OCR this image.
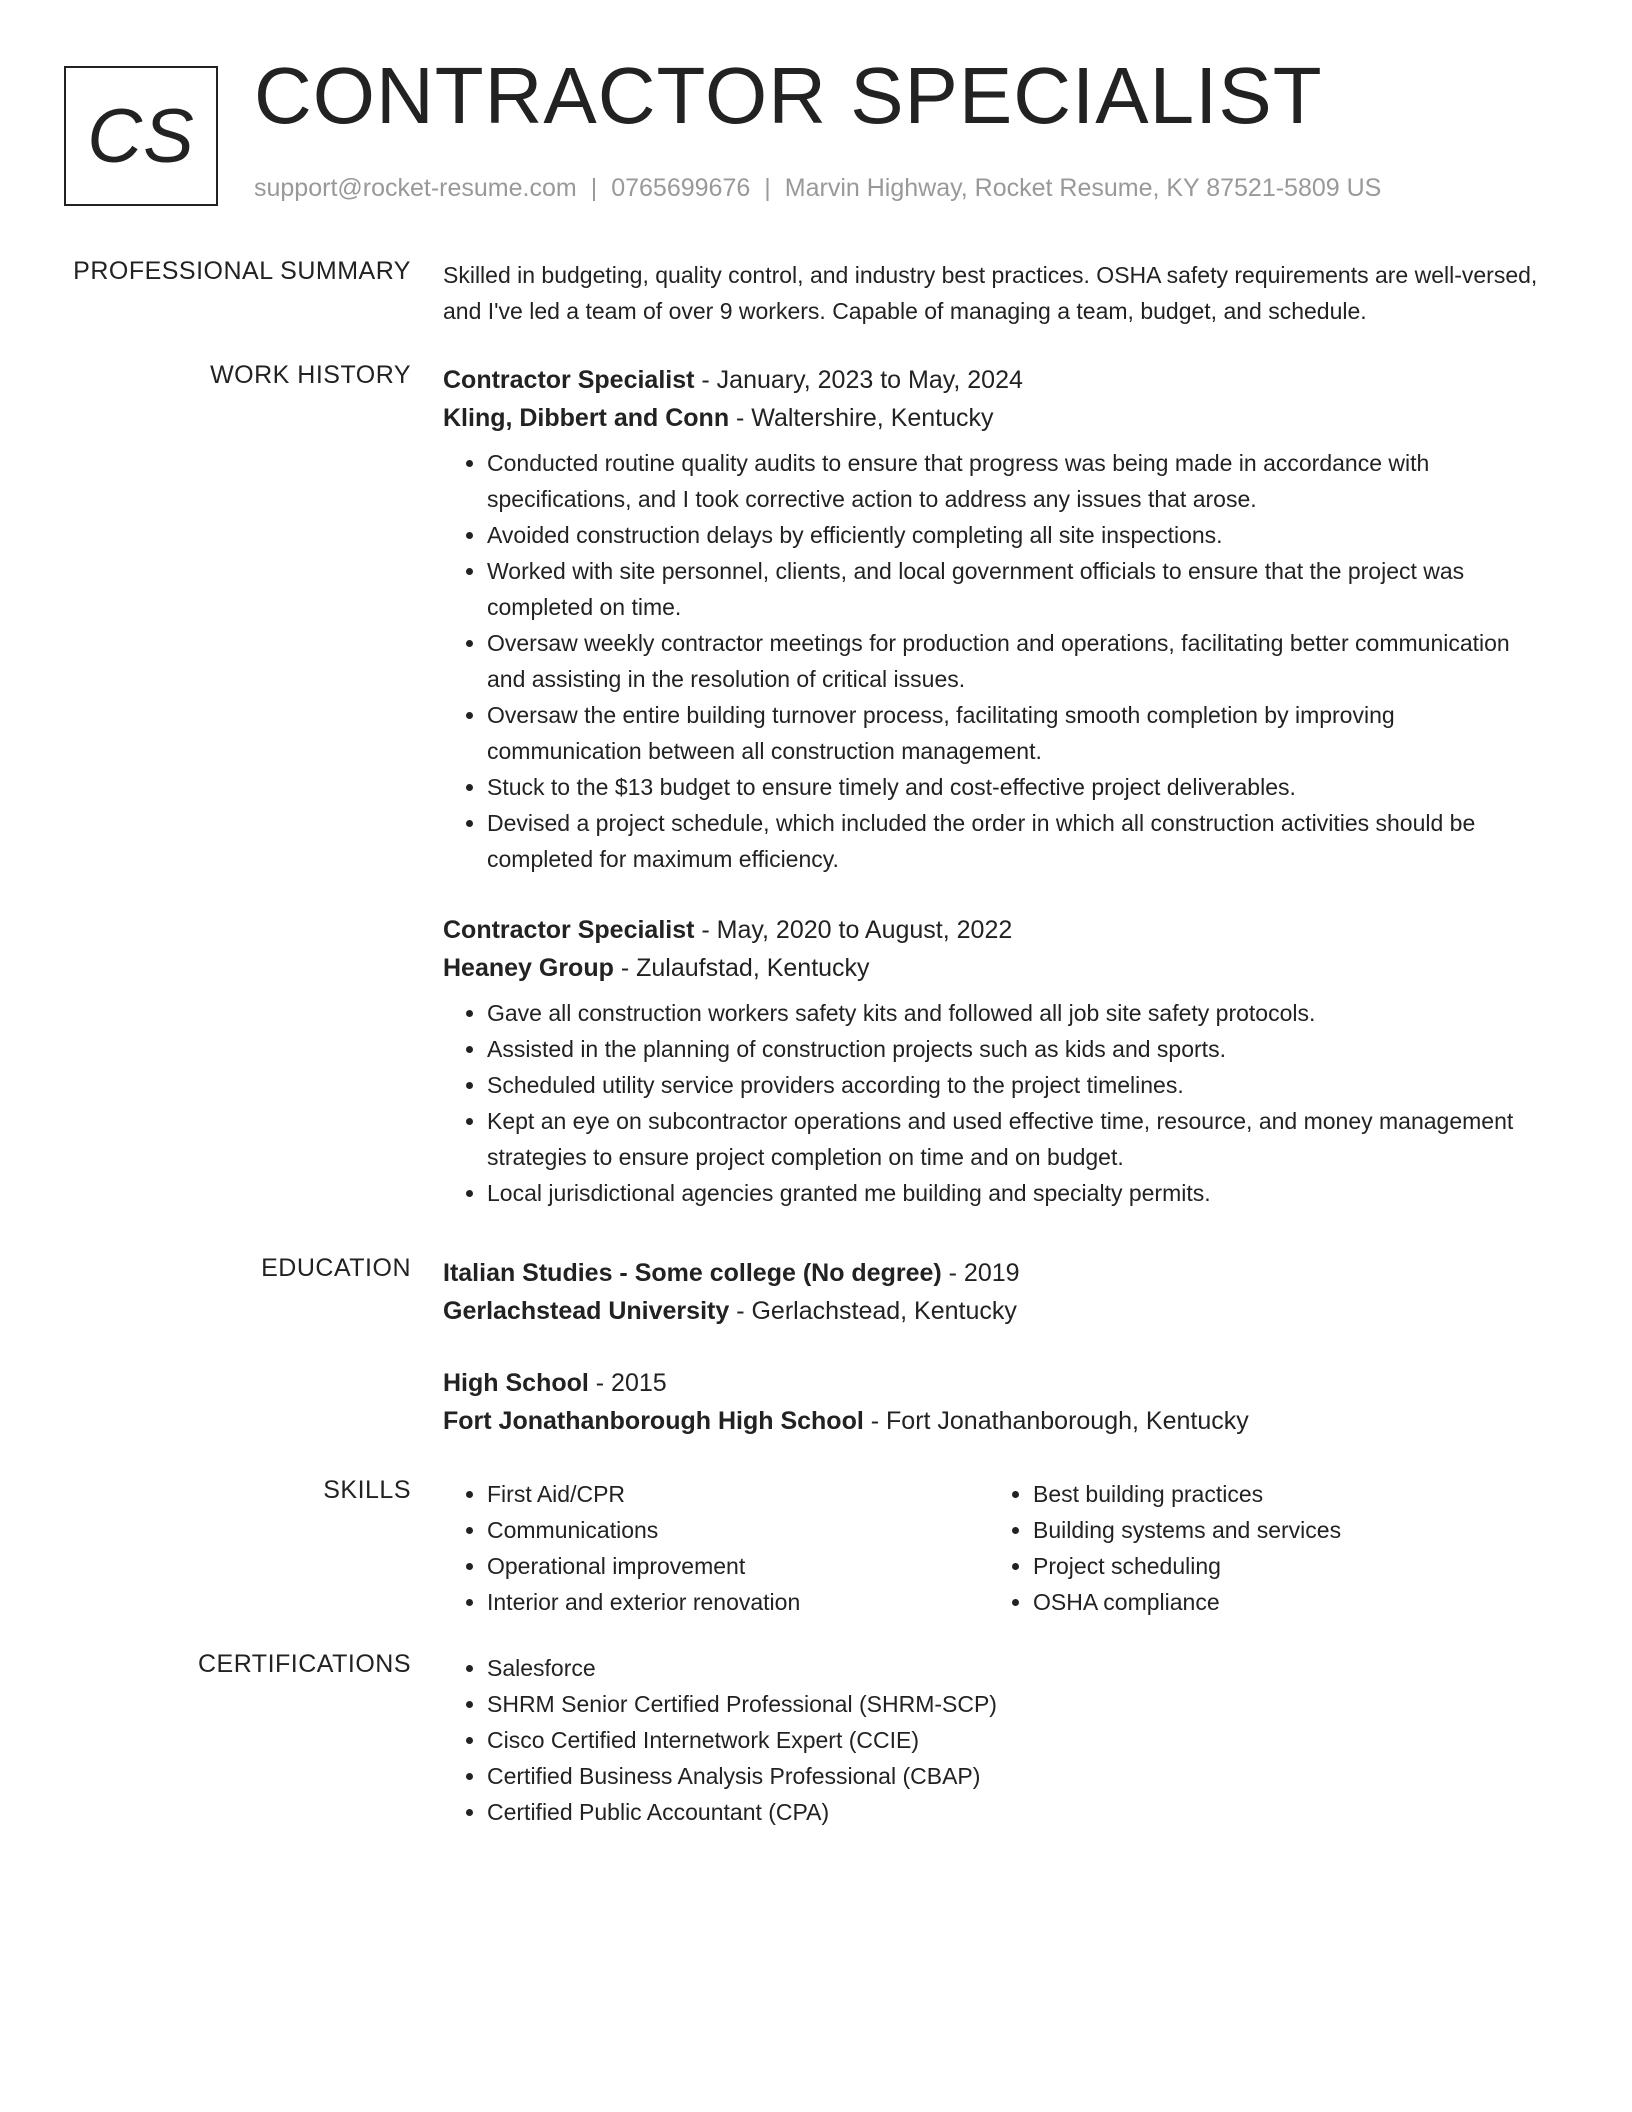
CS CONTRACTOR SPECIALIST
support@rocket-resume.com | 0765699676 | Marvin Highway, Rocket Resume, KY 87521-5809 US
PROFESSIONAL SUMMARY Skilled in budgeting, quality control, and industry best practices. OSHA safety requirements are well-versed, and I've led a team of over 9 workers. Capable of managing a team, budget, and schedule.

WORK HISTORY Contractor Specialist - January, 2023 to May, 2024

Kling, Dibbert and Conn - Waltershire, Kentucky

• Conducted routine quality audits to ensure that progress was being made in accordance with specifications, and I took corrective action to address any issues that arose.
• Avoided construction delays by efficiently completing all site inspections.
• Worked with site personnel, clients, and local government officials to ensure that the project was completed on time.
• Oversaw weekly contractor meetings for production and operations, facilitating better communication and assisting in the resolution of critical issues.
• Oversaw the entire building turnover process, facilitating smooth completion by improving communication between all construction management.
• Stuck to the $13 budget to ensure timely and cost-effective project deliverables.
• Devised a project schedule, which included the order in which all construction activities should be completed for maximum efficiency.

Contractor Specialist - May, 2020 to August, 2022

Heaney Group - Zulaufstad, Kentucky

• Gave all construction workers safety kits and followed all job site safety protocols.
• Assisted in the planning of construction projects such as kids and sports.
• Scheduled utility service providers according to the project timelines.
• Kept an eye on subcontractor operations and used effective time, resource, and money management strategies to ensure project completion on time and on budget.
• Local jurisdictional agencies granted me building and specialty permits.
EDUCATION Italian Studies - Some college (No degree) - 2019

Gerlachstead University - Gerlachstead, Kentucky

High School - 2015

Fort Jonathanborough High School - Fort Jonathanborough, Kentucky

SKILLS	• First Aid/CPR
• Communications
• Operational improvement
• Interior and exterior renovation
• Best building practices
• Building systems and services
• Project scheduling
• OSHA compliance
CERTIFICATIONS	• Salesforce
• SHRM Senior Certified Professional (SHRM-SCP)
• Cisco Certified Internetwork Expert (CCIE)
• Certified Business Analysis Professional (CBAP)
• Certified Public Accountant (CPA)
